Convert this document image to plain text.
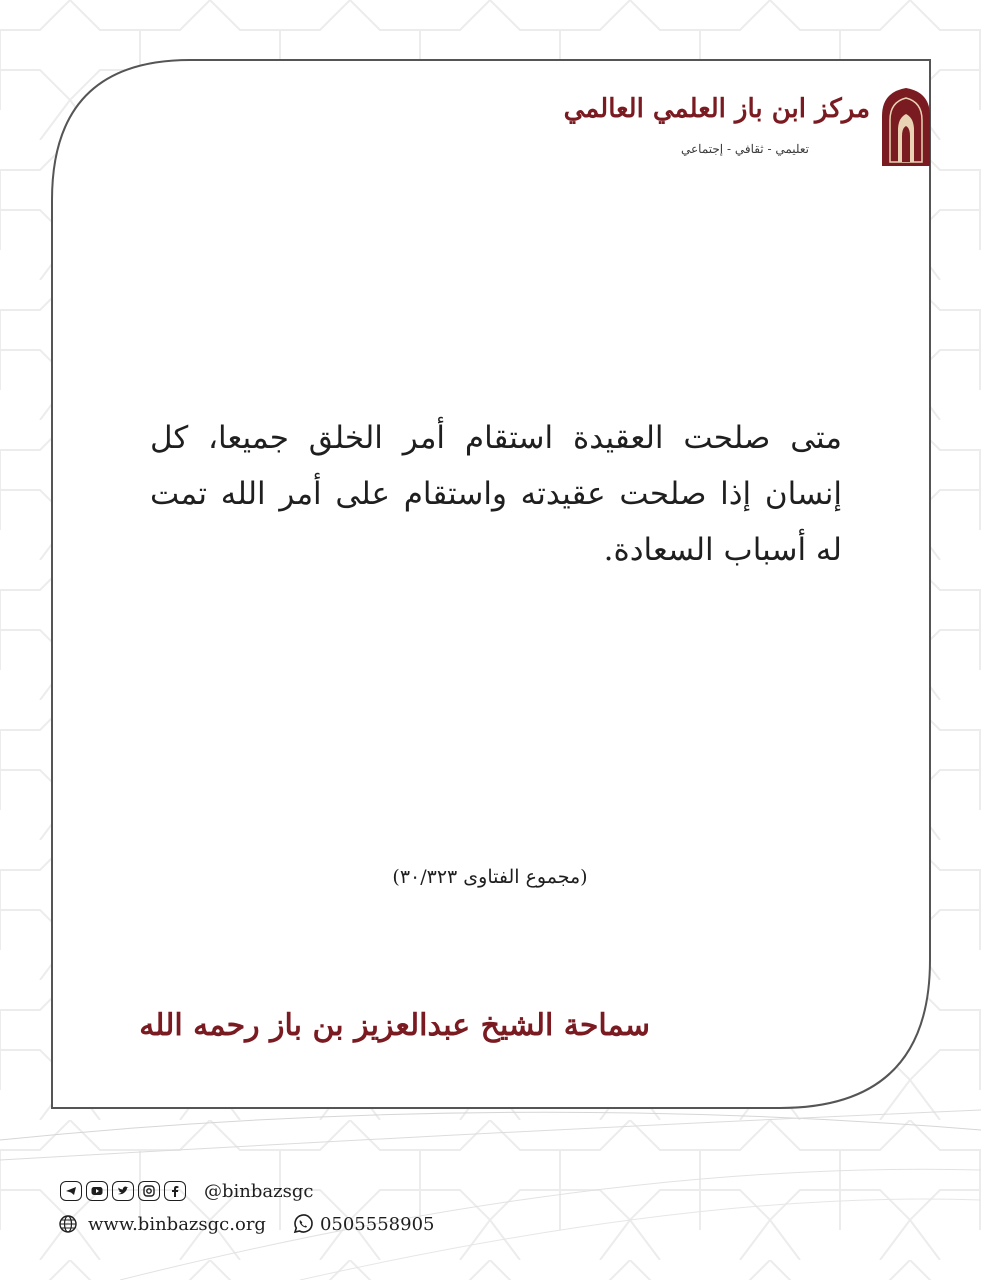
مركز ابن باز العلمي العالمي
تعليمي - ثقافي - إجتماعي
متى صلحت العقيدة استقام أمر الخلق جميعا، كل إنسان إذا صلحت عقيدته واستقام على أمر الله تمت له أسباب السعادة.
(مجموع الفتاوى ٣٠/٣٢٣)
سماحة الشيخ عبدالعزيز بن باز رحمه الله
@binbazsgc
www.binbazsgc.org	0505558905
